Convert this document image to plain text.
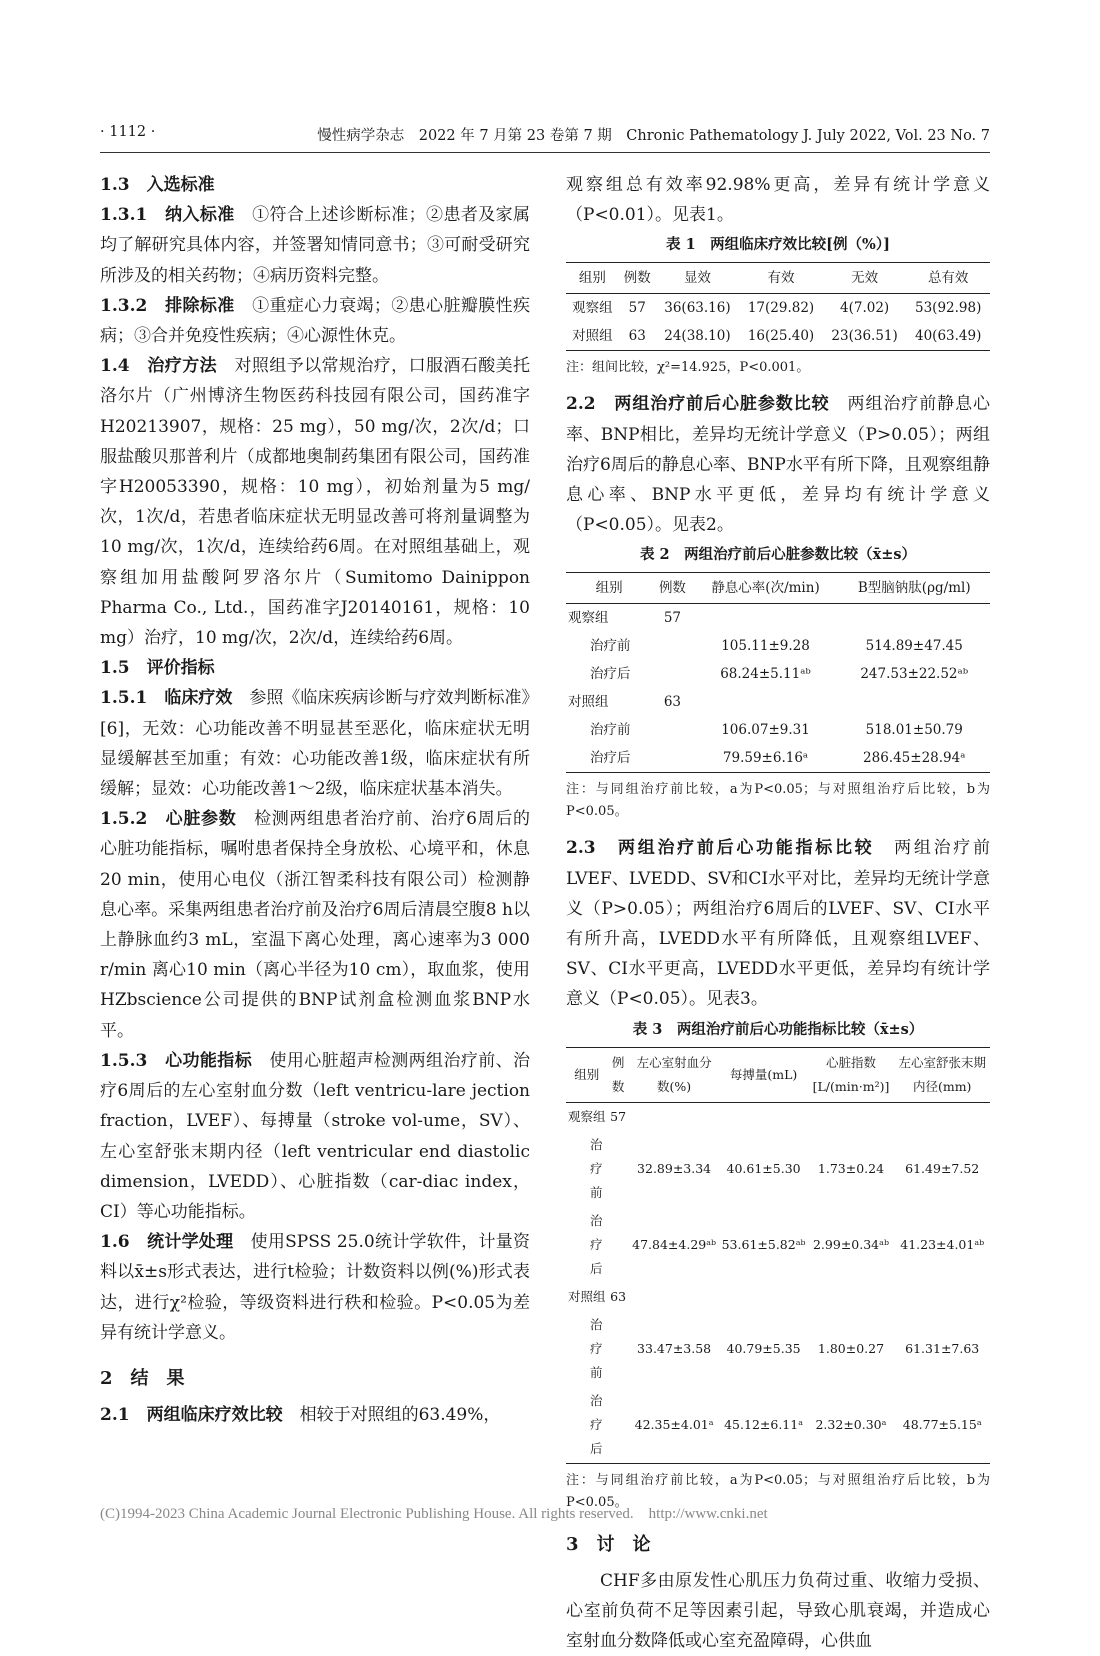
· 1112 ·	慢性病学杂志　2022 年 7 月第 23 卷第 7 期　Chronic Pathematology J. July 2022, Vol. 23 No. 7

1.3　入选标准

1.3.1　纳入标准　 ①符合上述诊断标准；②患者及家属均了解研究具体内容，并签署知情同意书；③可耐受研究所涉及的相关药物；④病历资料完整。

1.3.2　排除标准　 ①重症心力衰竭；②患心脏瓣膜性疾病；③合并免疫性疾病；④心源性休克。

1.4　治疗方法　 对照组予以常规治疗，口服酒石酸美托洛尔片（广州博济生物医药科技园有限公司，国药准字H20213907，规格：25 mg），50 mg/次，2次/d；口服盐酸贝那普利片（成都地奥制药集团有限公司，国药准字H20053390，规格：10 mg），初始剂量为5 mg/次，1次/d，若患者临床症状无明显改善可将剂量调整为10 mg/次，1次/d，连续给药6周。在对照组基础上，观察组加用盐酸阿罗洛尔片（Sumitomo Dainippon Pharma Co., Ltd.，国药准字J20140161，规格：10 mg）治疗，10 mg/次，2次/d，连续给药6周。

1.5　评价指标

1.5.1　临床疗效　 参照《临床疾病诊断与疗效判断标准》[6]，无效：心功能改善不明显甚至恶化，临床症状无明显缓解甚至加重；有效：心功能改善1级，临床症状有所缓解；显效：心功能改善1～2级，临床症状基本消失。

1.5.2　心脏参数　 检测两组患者治疗前、治疗6周后的心脏功能指标，嘱咐患者保持全身放松、心境平和，休息20 min，使用心电仪（浙江智柔科技有限公司）检测静息心率。采集两组患者治疗前及治疗6周后清晨空腹8 h以上静脉血约3 mL，室温下离心处理，离心速率为3 000 r/min 离心10 min（离心半径为10 cm），取血浆，使用HZbscience公司提供的BNP试剂盒检测血浆BNP水平。

1.5.3　心功能指标　 使用心脏超声检测两组治疗前、治疗6周后的左心室射血分数（left ventricu-lare jection fraction，LVEF）、每搏量（stroke vol-ume，SV）、左心室舒张末期内径（left ventricular end diastolic dimension，LVEDD）、心脏指数（car-diac index，CI）等心功能指标。

1.6　统计学处理　 使用SPSS 25.0统计学软件，计量资料以x̄±s形式表达，进行t检验；计数资料以例(%)形式表达，进行χ²检验，等级资料进行秩和检验。P<0.05为差异有统计学意义。

2　结　果

2.1　两组临床疗效比较　 相较于对照组的63.49%，

观察组总有效率92.98%更高，差异有统计学意义（P<0.01）。见表1。

表 1　两组临床疗效比较[例（%）]

组别	例数	显效	有效	无效	总有效
观察组	57	36(63.16)	17(29.82)	4(7.02)	53(92.98)
对照组	63	24(38.10)	16(25.40)	23(36.51)	40(63.49)

注：组间比较，χ²=14.925，P<0.001。

2.2　两组治疗前后心脏参数比较　 两组治疗前静息心率、BNP相比，差异均无统计学意义（P>0.05）；两组治疗6周后的静息心率、BNP水平有所下降，且观察组静息心率、BNP水平更低，差异均有统计学意义（P<0.05）。见表2。

表 2　两组治疗前后心脏参数比较（x̄±s）

组别	例数	静息心率(次/min)	B型脑钠肽(ρg/ml)
观察组	57		
治疗前		105.11±9.28	514.89±47.45
治疗后		68.24±5.11ᵃᵇ	247.53±22.52ᵃᵇ
对照组	63		
治疗前		106.07±9.31	518.01±50.79
治疗后		79.59±6.16ᵃ	286.45±28.94ᵃ

注：与同组治疗前比较，a为P<0.05；与对照组治疗后比较，b为P<0.05。

2.3　两组治疗前后心功能指标比较　 两组治疗前LVEF、LVEDD、SV和CI水平对比，差异均无统计学意义（P>0.05）；两组治疗6周后的LVEF、SV、CI水平有所升高，LVEDD水平有所降低，且观察组LVEF、SV、CI水平更高，LVEDD水平更低，差异均有统计学意义（P<0.05）。见表3。

表 3　两组治疗前后心功能指标比较（x̄±s）

组别	例数	左心室射血分数(%)	每搏量(mL)	心脏指数[L/(min·m²)]	左心室舒张末期内径(mm)
观察组	57				
治疗前		32.89±3.34	40.61±5.30	1.73±0.24	61.49±7.52
治疗后		47.84±4.29ᵃᵇ	53.61±5.82ᵃᵇ	2.99±0.34ᵃᵇ	41.23±4.01ᵃᵇ
对照组	63				
治疗前		33.47±3.58	40.79±5.35	1.80±0.27	61.31±7.63
治疗后		42.35±4.01ᵃ	45.12±6.11ᵃ	2.32±0.30ᵃ	48.77±5.15ᵃ

注：与同组治疗前比较，a为P<0.05；与对照组治疗后比较，b为P<0.05。

3　讨　论

CHF多由原发性心肌压力负荷过重、收缩力受损、心室前负荷不足等因素引起，导致心肌衰竭，并造成心室射血分数降低或心室充盈障碍，心供血

(C)1994-2023 China Academic Journal Electronic Publishing House. All rights reserved.　http://www.cnki.net
